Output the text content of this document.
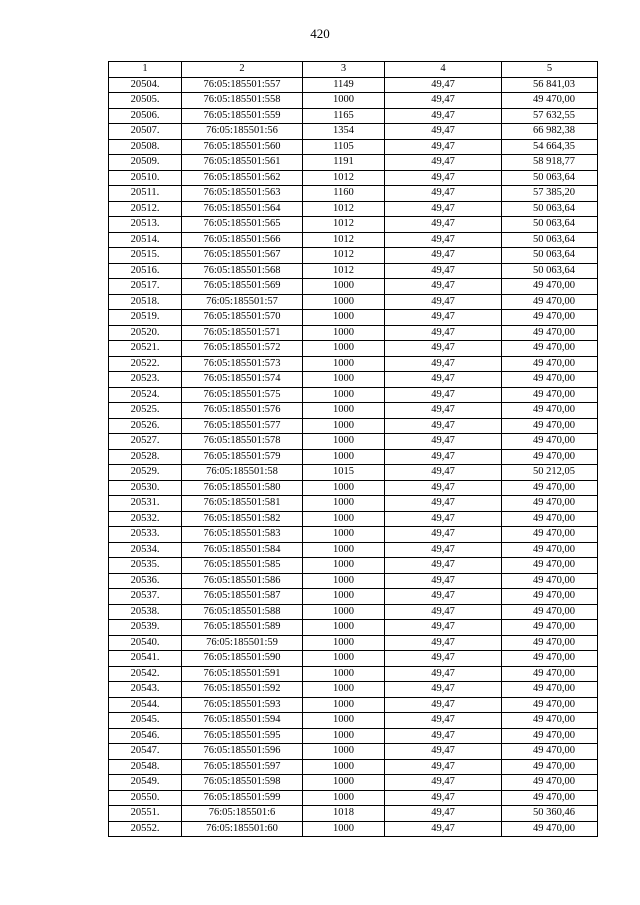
420
1	2	3	4	5
20504.	76:05:185501:557	1149	49,47	56 841,03
20505.	76:05:185501:558	1000	49,47	49 470,00
20506.	76:05:185501:559	1165	49,47	57 632,55
20507.	76:05:185501:56	1354	49,47	66 982,38
20508.	76:05:185501:560	1105	49,47	54 664,35
20509.	76:05:185501:561	1191	49,47	58 918,77
20510.	76:05:185501:562	1012	49,47	50 063,64
20511.	76:05:185501:563	1160	49,47	57 385,20
20512.	76:05:185501:564	1012	49,47	50 063,64
20513.	76:05:185501:565	1012	49,47	50 063,64
20514.	76:05:185501:566	1012	49,47	50 063,64
20515.	76:05:185501:567	1012	49,47	50 063,64
20516.	76:05:185501:568	1012	49,47	50 063,64
20517.	76:05:185501:569	1000	49,47	49 470,00
20518.	76:05:185501:57	1000	49,47	49 470,00
20519.	76:05:185501:570	1000	49,47	49 470,00
20520.	76:05:185501:571	1000	49,47	49 470,00
20521.	76:05:185501:572	1000	49,47	49 470,00
20522.	76:05:185501:573	1000	49,47	49 470,00
20523.	76:05:185501:574	1000	49,47	49 470,00
20524.	76:05:185501:575	1000	49,47	49 470,00
20525.	76:05:185501:576	1000	49,47	49 470,00
20526.	76:05:185501:577	1000	49,47	49 470,00
20527.	76:05:185501:578	1000	49,47	49 470,00
20528.	76:05:185501:579	1000	49,47	49 470,00
20529.	76:05:185501:58	1015	49,47	50 212,05
20530.	76:05:185501:580	1000	49,47	49 470,00
20531.	76:05:185501:581	1000	49,47	49 470,00
20532.	76:05:185501:582	1000	49,47	49 470,00
20533.	76:05:185501:583	1000	49,47	49 470,00
20534.	76:05:185501:584	1000	49,47	49 470,00
20535.	76:05:185501:585	1000	49,47	49 470,00
20536.	76:05:185501:586	1000	49,47	49 470,00
20537.	76:05:185501:587	1000	49,47	49 470,00
20538.	76:05:185501:588	1000	49,47	49 470,00
20539.	76:05:185501:589	1000	49,47	49 470,00
20540.	76:05:185501:59	1000	49,47	49 470,00
20541.	76:05:185501:590	1000	49,47	49 470,00
20542.	76:05:185501:591	1000	49,47	49 470,00
20543.	76:05:185501:592	1000	49,47	49 470,00
20544.	76:05:185501:593	1000	49,47	49 470,00
20545.	76:05:185501:594	1000	49,47	49 470,00
20546.	76:05:185501:595	1000	49,47	49 470,00
20547.	76:05:185501:596	1000	49,47	49 470,00
20548.	76:05:185501:597	1000	49,47	49 470,00
20549.	76:05:185501:598	1000	49,47	49 470,00
20550.	76:05:185501:599	1000	49,47	49 470,00
20551.	76:05:185501:6	1018	49,47	50 360,46
20552.	76:05:185501:60	1000	49,47	49 470,00
